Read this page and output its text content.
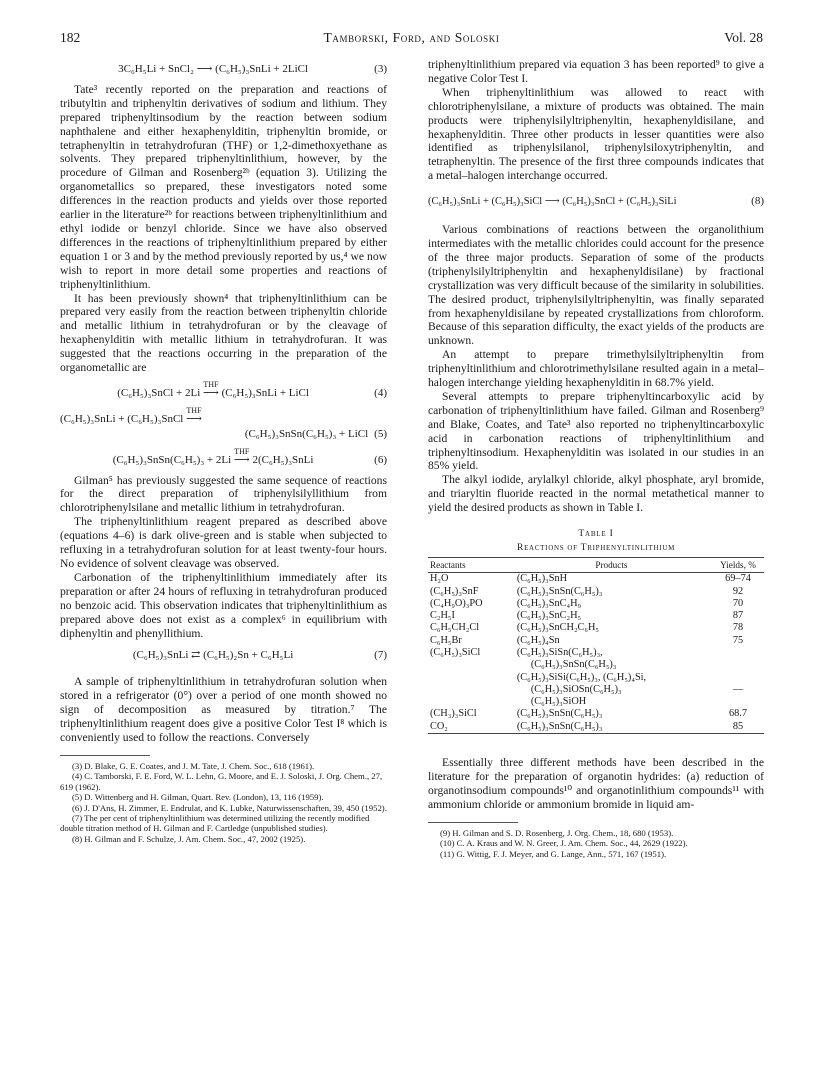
182	Tamborski, Ford, and Soloski	Vol. 28
3C₆H₅Li + SnCl₂ ⟶ (C₆H₅)₃SnLi + 2LiCl	(3)

Tate³ recently reported on the preparation and reactions of tributyltin and triphenyltin derivatives of sodium and lithium. They prepared triphenyltinsodium by the reaction between sodium naphthalene and either hexaphenylditin, triphenyltin bromide, or tetraphenyltin in tetrahydrofuran (THF) or 1,2-dimethoxyethane as solvents. They prepared triphenyltinlithium, however, by the procedure of Gilman and Rosenberg²ᵇ (equation 3). Utilizing the organometallics so prepared, these investigators noted some differences in the reaction products and yields over those reported earlier in the literature²ᵇ for reactions between triphenyltinlithium and ethyl iodide or benzyl chloride. Since we have also observed differences in the reactions of triphenyltinlithium prepared by either equation 1 or 3 and by the method previously reported by us,⁴ we now wish to report in more detail some properties and reactions of triphenyltinlithium.

It has been previously shown⁴ that triphenyltinlithium can be prepared very easily from the reaction between triphenyltin chloride and metallic lithium in tetrahydrofuran or by the cleavage of hexaphenylditin with metallic lithium in tetrahydrofuran. It was suggested that the reactions occurring in the preparation of the organometallic are

(C₆H₅)₃SnCl + 2Li
THF
⟶ (C₆H₅)₃SnLi + LiCl	(4)
(C₆H₅)₃SnLi + (C₆H₅)₃SnCl
THF
⟶
(C₆H₅)₃SnSn(C₆H₅)₃ + LiCl (5)
(C₆H₅)₃SnSn(C₆H₅)₃ + 2Li
THF
⟶ 2(C₆H₅)₃SnLi	(6)

Gilman⁵ has previously suggested the same sequence of reactions for the direct preparation of triphenylsilyllithium from chlorotriphenylsilane and metallic lithium in tetrahydrofuran.

The triphenyltinlithium reagent prepared as described above (equations 4–6) is dark olive-green and is stable when subjected to refluxing in a tetrahydrofuran solution for at least twenty-four hours. No evidence of solvent cleavage was observed.

Carbonation of the triphenyltinlithium immediately after its preparation or after 24 hours of refluxing in tetrahydrofuran produced no benzoic acid. This observation indicates that triphenyltinlithium as prepared above does not exist as a complex⁶ in equilibrium with diphenyltin and phenyllithium.

(C₆H₅)₃SnLi ⇄ (C₆H₅)₂Sn + C₆H₅Li	(7)

A sample of triphenyltinlithium in tetrahydrofuran solution when stored in a refrigerator (0°) over a period of one month showed no sign of decomposition as measured by titration.⁷ The triphenyltinlithium reagent does give a positive Color Test I⁸ which is conveniently used to follow the reactions. Conversely

(3) D. Blake, G. E. Coates, and J. M. Tate, J. Chem. Soc., 618 (1961).

(4) C. Tamborski, F. E. Ford, W. L. Lehn, G. Moore, and E. J. Soloski, J. Org. Chem., 27, 619 (1962).

(5) D. Wittenberg and H. Gilman, Quart. Rev. (London), 13, 116 (1959).

(6) J. D'Ans, H. Zimmer, E. Endrulat, and K. Lubke, Naturwissenschaften, 39, 450 (1952).

(7) The per cent of triphenyltinlithium was determined utilizing the recently modified double titration method of H. Gilman and F. Cartledge (unpublished studies).

(8) H. Gilman and F. Schulze, J. Am. Chem. Soc., 47, 2002 (1925).

triphenyltinlithium prepared via equation 3 has been reported⁹ to give a negative Color Test I.

When triphenyltinlithium was allowed to react with chlorotriphenylsilane, a mixture of products was obtained. The main products were triphenylsilyltriphenyltin, hexaphenyldisilane, and hexaphenylditin. Three other products in lesser quantities were also identified as triphenylsilanol, triphenylsiloxytriphenyltin, and tetraphenyltin. The presence of the first three compounds indicates that a metal–halogen interchange occurred.

(C₆H₅)₃SnLi + (C₆H₅)₃SiCl ⟶ (C₆H₅)₃SnCl + (C₆H₅)₃SiLi	(8)

Various combinations of reactions between the organolithium intermediates with the metallic chlorides could account for the presence of the three major products. Separation of some of the products (triphenylsilyltriphenyltin and hexaphenyldisilane) by fractional crystallization was very difficult because of the similarity in solubilities. The desired product, triphenylsilyltriphenyltin, was finally separated from hexaphenyldisilane by repeated crystallizations from chloroform. Because of this separation difficulty, the exact yields of the products are unknown.

An attempt to prepare trimethylsilyltriphenyltin from triphenyltinlithium and chlorotrimethylsilane resulted again in a metal–halogen interchange yielding hexaphenylditin in 68.7% yield.

Several attempts to prepare triphenyltincarboxylic acid by carbonation of triphenyltinlithium have failed. Gilman and Rosenberg⁹ and Blake, Coates, and Tate³ also reported no triphenyltincarboxylic acid in carbonation reactions of triphenyltinlithium and triphenyltinsodium. Hexaphenylditin was isolated in our studies in an 85% yield.

The alkyl iodide, arylalkyl chloride, alkyl phosphate, aryl bromide, and triaryltin fluoride reacted in the normal metathetical manner to yield the desired products as shown in Table I.

Table I
Reactions of Triphenyltinlithium
Reactants	Products	Yields, %
H₂O	(C₆H₅)₃SnH	69–74
(C₆H₅)₃SnF	(C₆H₅)₃SnSn(C₆H₅)₃	92
(C₄H₉O)₃PO	(C₆H₅)₃SnC₄H₉	70
C₂H₅I	(C₆H₅)₃SnC₂H₅	87
C₆H₅CH₂Cl	(C₆H₅)₃SnCH₂C₆H₅	78
C₆H₅Br	(C₆H₅)₄Sn	75
(C₆H₅)₃SiCl	(C₆H₅)₃SiSn(C₆H₅)₃,	
	(C₆H₅)₃SnSn(C₆H₅)₃	
	(C₆H₅)₃SiSi(C₆H₅)₃, (C₆H₅)₄Si,	
	(C₆H₅)₃SiOSn(C₆H₅)₃	—
	(C₆H₅)₃SiOH	
(CH₃)₃SiCl	(C₆H₅)₃SnSn(C₆H₅)₃	68.7
CO₂	(C₆H₅)₃SnSn(C₆H₅)₃	85

Essentially three different methods have been described in the literature for the preparation of organotin hydrides: (a) reduction of organotinsodium compounds¹⁰ and organotinlithium compounds¹¹ with ammonium chloride or ammonium bromide in liquid am-

(9) H. Gilman and S. D. Rosenberg, J. Org. Chem., 18, 680 (1953).

(10) C. A. Kraus and W. N. Greer, J. Am. Chem. Soc., 44, 2629 (1922).

(11) G. Wittig, F. J. Meyer, and G. Lange, Ann., 571, 167 (1951).
